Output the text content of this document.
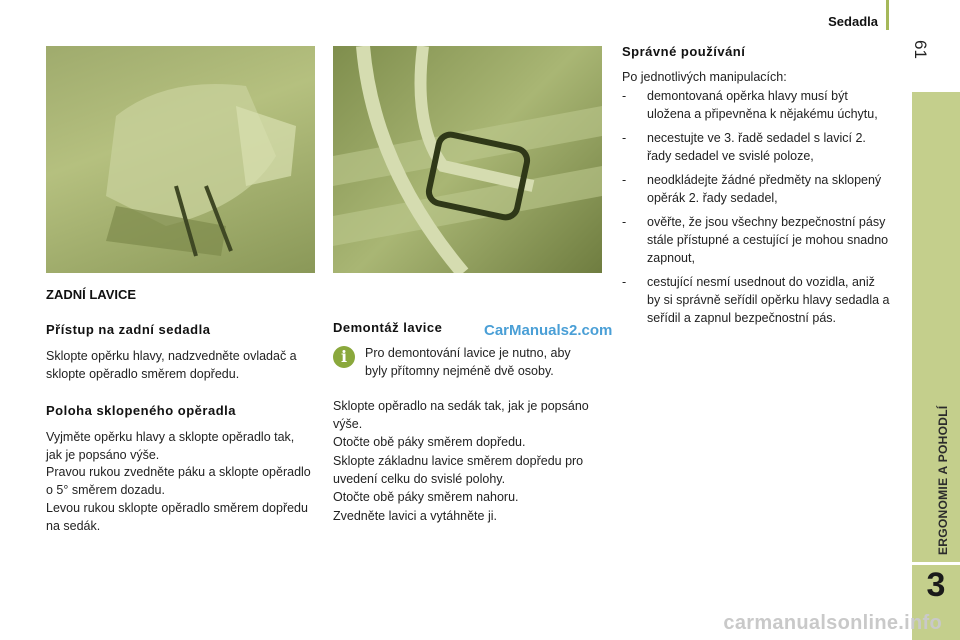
Sedadla
61
ERGONOMIE A POHODLÍ
3
ZADNÍ LAVICE
Přístup na zadní sedadla
Sklopte opěrku hlavy, nadzvedněte ovladač a sklopte opěradlo směrem dopředu.
Poloha sklopeného opěradla
Vyjměte opěrku hlavy a sklopte opěradlo tak, jak je popsáno výše.
Pravou rukou zvedněte páku a sklopte opěradlo o 5° směrem dozadu.
Levou rukou sklopte opěradlo směrem dopředu na sedák.
Demontáž lavice	CarManuals2.com
i	Pro demontování lavice je nutno, aby byly přítomny nejméně dvě osoby.
Sklopte opěradlo na sedák tak, jak je popsáno výše.
Otočte obě páky směrem dopředu.
Sklopte základnu lavice směrem dopředu pro uvedení celku do svislé polohy.
Otočte obě páky směrem nahoru.
Zvedněte lavici a vytáhněte ji.
Správné používání
Po jednotlivých manipulacích:
- demontovaná opěrka hlavy musí být uložena a připevněna k nějakému úchytu,
- necestujte ve 3. řadě sedadel s lavicí 2. řady sedadel ve svislé poloze,
- neodkládejte žádné předměty na sklopený opěrák 2. řady sedadel,
- ověřte, že jsou všechny bezpečnostní pásy stále přístupné a cestující je mohou snadno zapnout,
- cestující nesmí usednout do vozidla, aniž by si správně seřídil opěrku hlavy sedadla a seřídil a zapnul bezpečnostní pás.
carmanualsonline.info
